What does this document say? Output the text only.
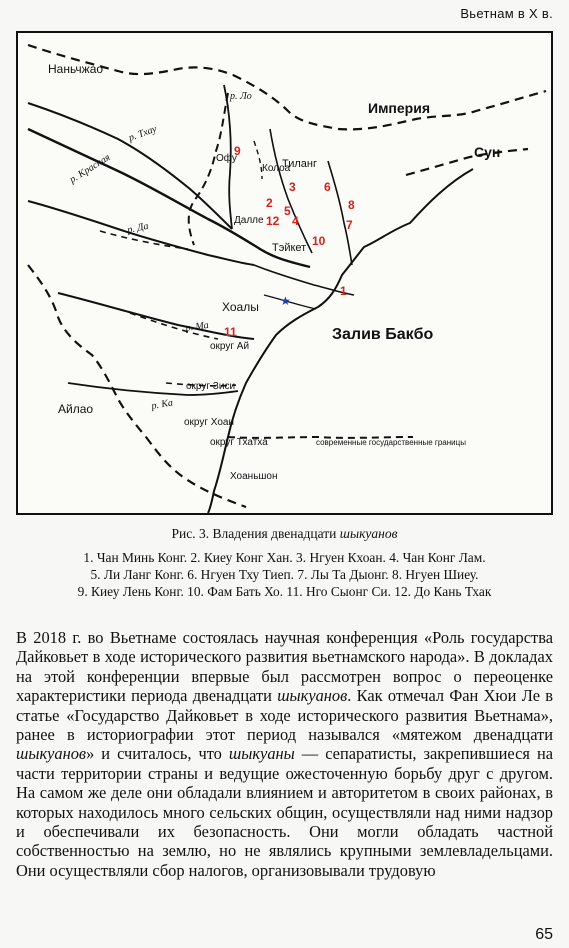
Вьетнам в X в.
Наньчжао
Империя
Сун
Тиланг
Офу
Колоа
Далле
Тэйкет
Хоалы
округ Ай
округ Зиси
округ Хоан
округ Тхатха
Хоаньшон
Айлао
Залив Бакбо
современные государственные границы
р. Тхау
р. Красная
р. Да
р. Ма
р. Ка
р. Ло
1
2
3
4
5
6
7
8
9
10
11
12
★
Рис. 3. Владения двенадцати шыкуанов
1. Чан Минь Конг. 2. Киеу Конг Хан. 3. Нгуен Кхоан. 4. Чан Конг Лам.
5. Ли Ланг Конг. 6. Нгуен Тху Тиеп. 7. Лы Та Дыонг. 8. Нгуен Шиеу.
9. Киеу Лень Конг. 10. Фам Бать Хо. 11. Нго Сыонг Си. 12. До Кань Тхак
В 2018 г. во Вьетнаме состоялась научная конференция «Роль государства Дайковьет в ходе исторического развития вьетнамского народа». В докладах на этой конференции впервые был рассмотрен вопрос о переоценке характеристики периода двенадцати шыкуанов. Как отмечал Фан Хюи Ле в статье «Государство Дайковьет в ходе исторического развития Вьетнама», ранее в историографии этот период назывался «мятежом двенадцати шыкуанов» и считалось, что шыкуаны — сепаратисты, закрепившиеся на части территории страны и ведущие ожесточенную борьбу друг с другом. На самом же деле они обладали влиянием и авторитетом в своих районах, в которых находилось много сельских общин, осуществляли над ними надзор и обеспечивали их безопасность. Они могли обладать частной собственностью на землю, но не являлись крупными землевладельцами. Они осуществляли сбор налогов, организовывали трудовую
65
